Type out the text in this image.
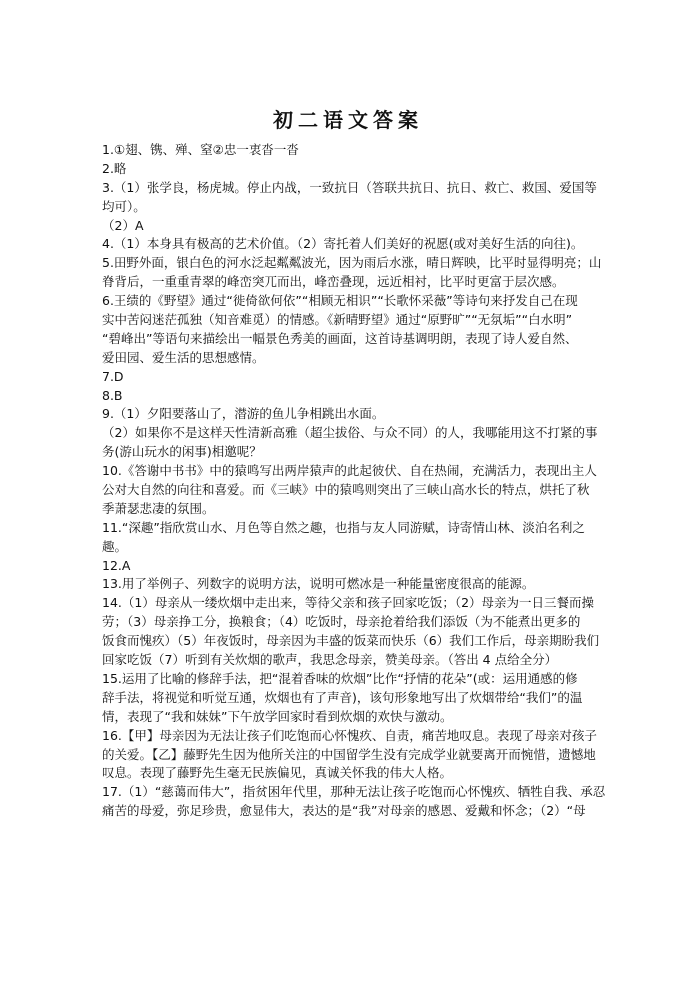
初二语文答案
1.①翅、镌、殚、窒②忠一衷沓一沓
2.略
3.（1）张学良，杨虎城。停止内战，一致抗日（答联共抗日、抗日、救亡、救国、爱国等
均可）。
（2）A
4.（1）本身具有极高的艺术价值。（2）寄托着人们美好的祝愿(或对美好生活的向往)。
5.田野外面，银白色的河水泛起粼粼波光，因为雨后水涨，晴日辉映，比平时显得明亮；山
脊背后，一重重青翠的峰峦突兀而出，峰峦叠现，远近相衬，比平时更富于层次感。
6.王绩的《野望》通过“徙倚欲何依”“相顾无相识”“长歌怀采薇”等诗句来抒发自己在现
实中苦闷迷茫孤独（知音难觅）的情感。《新晴野望》通过“原野旷”“无氛垢”“白水明”
“碧峰出”等语句来描绘出一幅景色秀美的画面，这首诗基调明朗，表现了诗人爱自然、
爱田园、爱生活的思想感情。
7.D
8.B
9.（1）夕阳要落山了，潜游的鱼儿争相跳出水面。
（2）如果你不是这样天性清新高雅（超尘拔俗、与众不同）的人，我哪能用这不打紧的事
务(游山玩水的闲事)相邀呢？
10.《答谢中书书》中的猿鸣写出两岸猿声的此起彼伏、自在热闹，充满活力，表现出主人
公对大自然的向往和喜爱。而《三峡》中的猿鸣则突出了三峡山高水长的特点，烘托了秋
季萧瑟悲凄的氛围。
11.“深趣”指欣赏山水、月色等自然之趣，也指与友人同游赋，诗寄情山林、淡泊名利之
趣。
12.A
13.用了举例子、列数字的说明方法，说明可燃冰是一种能量密度很高的能源。
14.（1）母亲从一缕炊烟中走出来，等待父亲和孩子回家吃饭；（2）母亲为一日三餐而操
劳；（3）母亲挣工分，换粮食；（4）吃饭时，母亲抢着给我们添饭（为不能煮出更多的
饭食而愧疚）（5）年夜饭时，母亲因为丰盛的饭菜而快乐（6）我们工作后，母亲期盼我们
回家吃饭（7）听到有关炊烟的歌声，我思念母亲，赞美母亲。（答出 4 点给全分）
15.运用了比喻的修辞手法，把“混着香味的炊烟”比作“抒情的花朵”(或：运用通感的修
辞手法，将视觉和听觉互通，炊烟也有了声音)，该句形象地写出了炊烟带给“我们”的温
情，表现了“我和妹妹”下午放学回家时看到炊烟的欢快与激动。
16.【甲】母亲因为无法让孩子们吃饱而心怀愧疚、自责，痛苦地叹息。表现了母亲对孩子
的关爱。【乙】藤野先生因为他所关注的中国留学生没有完成学业就要离开而惋惜，遗憾地
叹息。表现了藤野先生毫无民族偏见，真诚关怀我的伟大人格。
17.（1）“慈蔼而伟大”，指贫困年代里，那种无法让孩子吃饱而心怀愧疚、牺牲自我、承忍
痛苦的母爱，弥足珍贵，愈显伟大，表达的是“我”对母亲的感恩、爱戴和怀念；（2）“母
